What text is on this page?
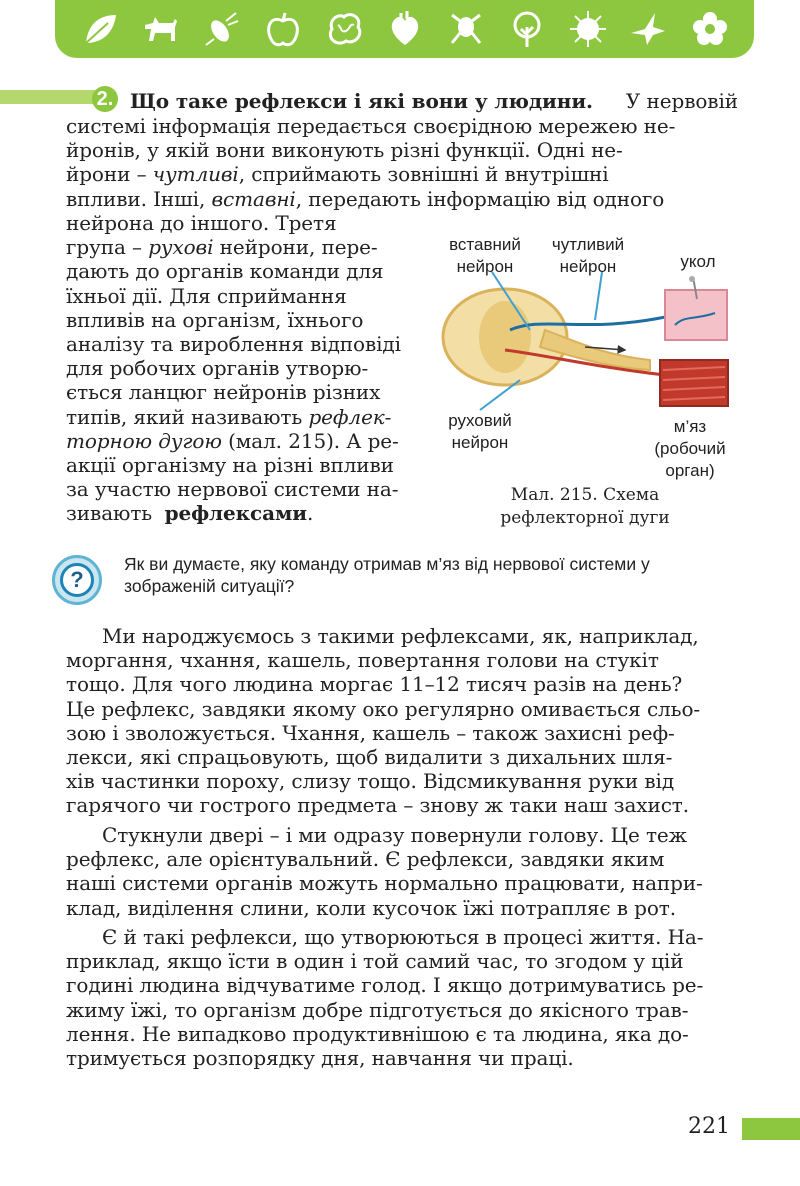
2. Що таке рефлекси і які вони у людини. У нервовій
системі інформація передається своєрідною мережею не-
йронів, у якій вони виконують різні функції. Одні не-
йрони – чутливі, сприймають зовнішні й внутрішні
впливи. Інші, вставні, передають інформацію від одного
нейрона до іншого. Третя
група – рухові нейрони, пере-
дають до органів команди для
їхньої дії. Для сприймання
впливів на організм, їхнього
аналізу та вироблення відповіді
для робочих органів утворю-
ється ланцюг нейронів різних
типів, який називають рефлек-
торною дугою (мал. 215). А ре-
акції організму на різні впливи
за участю нервової системи на-
зивають рефлексами.
вставний
нейрон
чутливий
нейрон	укол
руховий
нейрон
м’яз
(робочий
орган)
Мал. 215. Схема
рефлекторної дуги
?
Як ви думаєте, яку команду отримав м’яз від нервової системи у зображеній ситуації?
Ми народжуємось з такими рефлексами, як, наприклад,
моргання, чхання, кашель, повертання голови на стукіт
тощо. Для чого людина моргає 11–12 тисяч разів на день?
Це рефлекс, завдяки якому око регулярно омивається сльо-
зою і зволожується. Чхання, кашель – також захисні реф-
лекси, які спрацьовують, щоб видалити з дихальних шля-
хів частинки пороху, слизу тощо. Відсмикування руки від
гарячого чи гострого предмета – знову ж таки наш захист.
Стукнули двері – і ми одразу повернули голову. Це теж
рефлекс, але орієнтувальний. Є рефлекси, завдяки яким
наші системи органів можуть нормально працювати, напри-
клад, виділення слини, коли кусочок їжі потрапляє в рот.
Є й такі рефлекси, що утворюються в процесі життя. На-
приклад, якщо їсти в один і той самий час, то згодом у цій
годині людина відчуватиме голод. І якщо дотримуватись ре-
жиму їжі, то організм добре підготується до якісного трав-
лення. Не випадково продуктивнішою є та людина, яка до-
тримується розпорядку дня, навчання чи праці.
221
